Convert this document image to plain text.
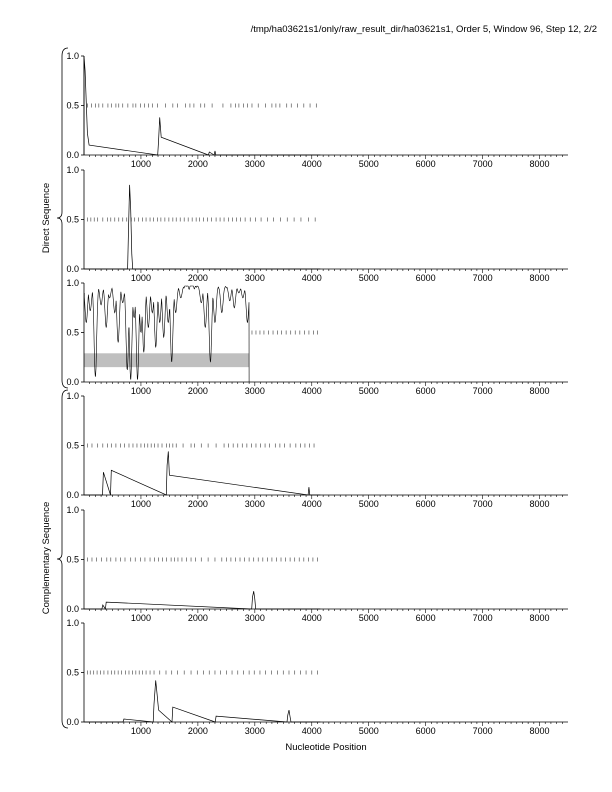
/tmp/ha03621s1/only/raw_result_dir/ha03621s1, Order 5, Window 96, Step 12, 2/2
0.0
0.5
1.0
1000	2000	3000	4000	5000	6000	7000	8000
0.0
0.5
1.0
1000	2000	3000	4000	5000	6000	7000	8000
0.0
0.5
1.0
1000	2000	3000	4000	5000	6000	7000	8000
0.0
0.5
1.0
1000	2000	3000	4000	5000	6000	7000	8000
0.0
0.5
1.0
1000	2000	3000	4000	5000	6000	7000	8000
0.0
0.5
1.0
1000	2000	3000	4000	5000	6000	7000	8000
Direct Sequence
Complementary Sequence
Nucleotide Position
